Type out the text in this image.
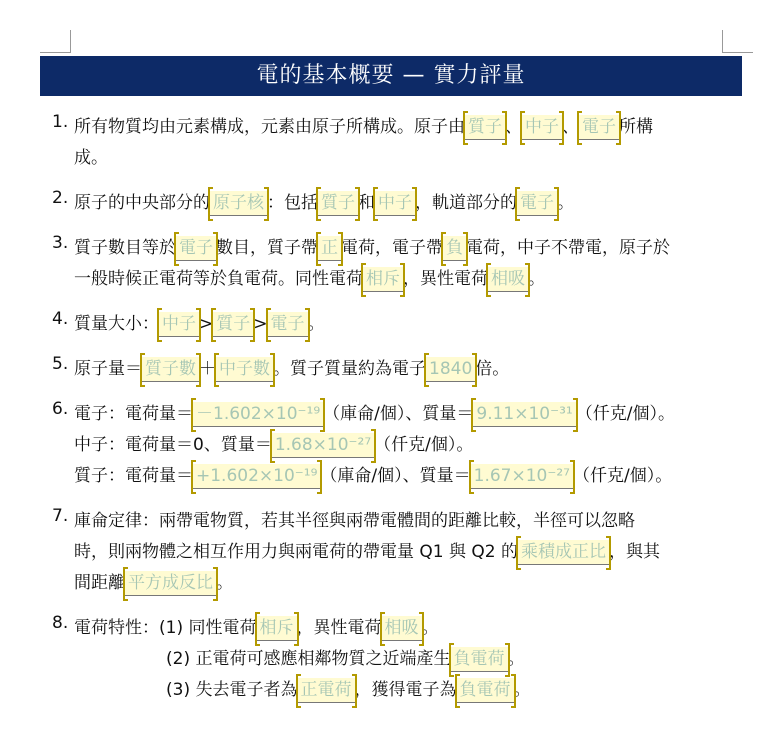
電的基本概要 — 實力評量
1. 所有物質均由元素構成，元素由原子所構成。原子由 質子 、 中子 、 電子 所構
成。
2. 原子的中央部分的 原子核 ：包括 質子 和 中子 ，軌道部分的 電子 。
3. 質子數目等於 電子 數目，質子帶 正 電荷，電子帶 負 電荷，中子不帶電，原子於
一般時候正電荷等於負電荷。同性電荷 相斥 ，異性電荷 相吸 。
4. 質量大小： 中子 > 質子 > 電子 。
5. 原子量＝ 質子數 ＋ 中子數 。質子質量約為電子 1840 倍。
6. 電子：電荷量＝ －1.602×10⁻¹⁹ （庫侖/個）、質量＝ 9.11×10⁻³¹ （仟克/個）。
中子：電荷量＝0、質量＝ 1.68×10⁻²⁷ （仟克/個）。
質子：電荷量＝ +1.602×10⁻¹⁹ （庫侖/個）、質量＝ 1.67×10⁻²⁷ （仟克/個）。
7. 庫侖定律：兩帶電物質，若其半徑與兩帶電體間的距離比較，半徑可以忽略
時，則兩物體之相互作用力與兩電荷的帶電量 Q1 與 Q2 的 乘積成正比 ，與其
間距離 平方成反比 。
8. 電荷特性：(1) 同性電荷 相斥 ，異性電荷 相吸 。
(2) 正電荷可感應相鄰物質之近端產生 負電荷 。
(3) 失去電子者為 正電荷 ，獲得電子為 負電荷 。
